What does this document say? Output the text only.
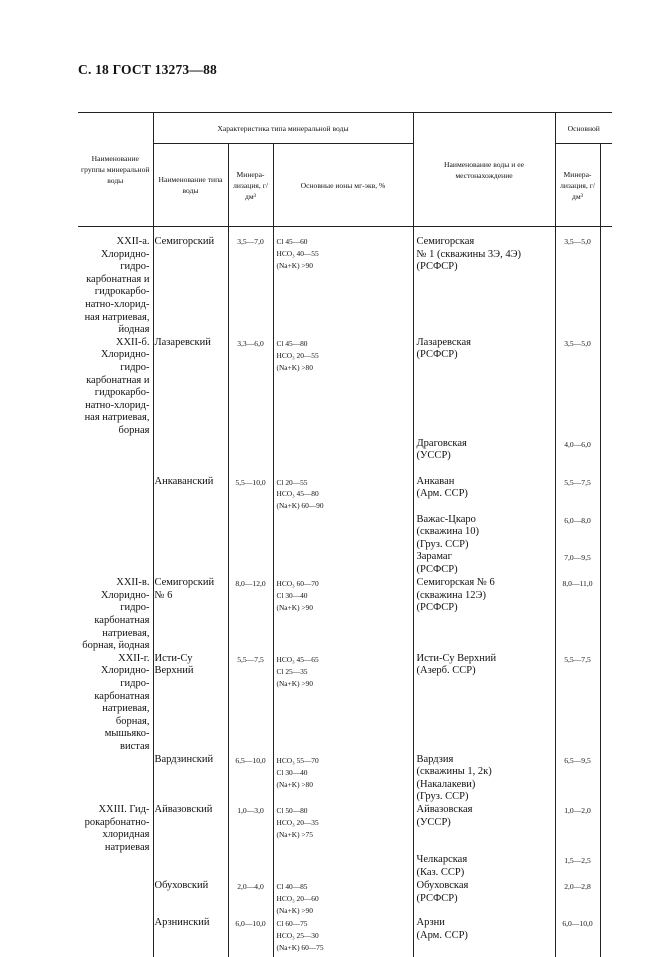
С. 18 ГОСТ 13273—88
Наименование группы минеральной воды	Характеристика типа минеральной воды			Наименование воды и ее местонахождение	Основной	
	Наименование типа воды	Минера-лизация, г/дм³	Основные ионы мг-экв, %		Минера-лизация, г/дм³	

XXII-а. Хлоридно-гидро-карбонатная и гидрокарбо-натно-хлорид-ная натриевая, йодная	Семигорский	3,5—7,0	Cl 45—60
HCO₃ 40—55
(Na+K) >90	Семигорская
№ 1 (скважины 3Э, 4Э)
(РСФСР)	3,5—5,0	

XXII-б. Хлоридно-гидро-карбонатная и гидрокарбо-натно-хлорид-ная натриевая, борная	Лазаревский	3,3—6,0	Cl 45—80
HCO₃ 20—55
(Na+K) >80	Лазаревская
(РСФСР)	3,5—5,0	

				Драговская
(УССР)	4,0—6,0	

	Анкаванский	5,5—10,0	Cl 20—55
HCO₃ 45—80
(Na+K) 60—90	Анкаван
(Арм. ССР)	5,5—7,5	

				Важас-Цкаро
(скважина 10)
(Груз. ССР)	6,0—8,0	

				Зарамаг
(РСФСР)	7,0—9,5	

XXII-в. Хлоридно-гидро-карбонатная натриевая, борная, йодная	Семигорский
№ 6	8,0—12,0	HCO₃ 60—70
Cl 30—40
(Na+K) >90	Семигорская № 6
(скважина 12Э)
(РСФСР)	8,0—11,0	

XXII-г. Хлоридно-гидро-карбонатная натриевая, борная, мышьяко-вистая	Исти-Су
Верхний	5,5—7,5	HCO₃ 45—65
Cl 25—35
(Na+K) >90	Исти-Су Верхний
(Азерб. ССР)	5,5—7,5	

	Вардзинский	6,5—10,0	HCO₃ 55—70
Cl 30—40
(Na+K) >80	Вардзия
(скважины 1, 2к)
(Накалакеви)
(Груз. ССР)	6,5—9,5	

XXIII. Гид-рокарбонатно-хлоридная натриевая	Айвазовский	1,0—3,0	Cl 50—80
HCO₃ 20—35
(Na+K) >75	Айвазовская
(УССР)	1,0—2,0	

				Челкарская
(Каз. ССР)	1,5—2,5	

	Обуховский	2,0—4,0	Cl 40—85
HCO₃ 20—60
(Na+K) >90	Обуховская
(РСФСР)	2,0—2,8	

	Арзнинский	6,0—10,0	Cl 60—75
HCO₃ 25—30
(Na+K) 60—75	Арзни
(Арм. ССР)	6,0—10,0	
